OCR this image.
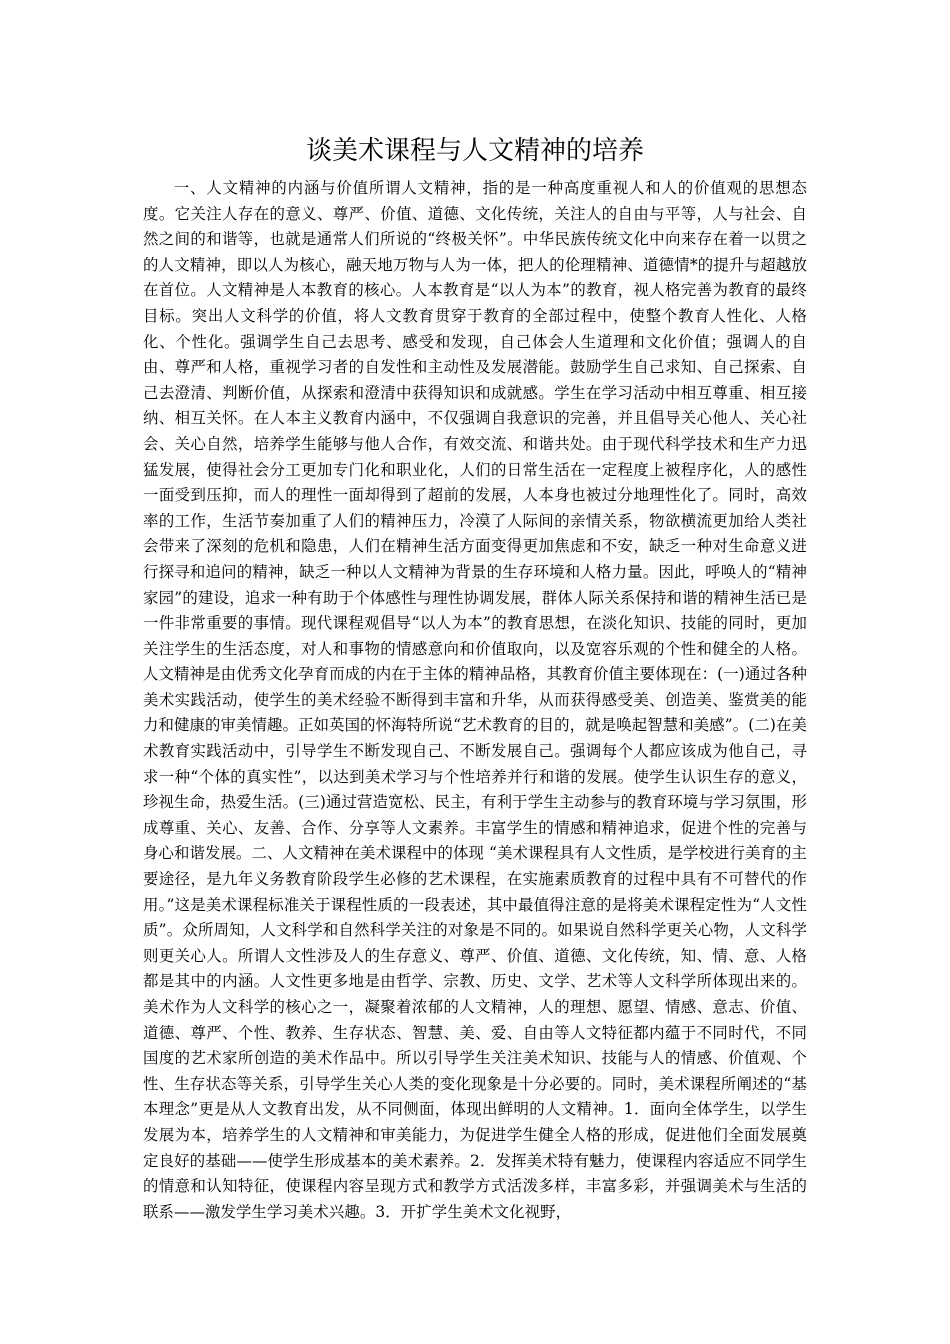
谈美术课程与人文精神的培养

一、人文精神的内涵与价值所谓人文精神，指的是一种高度重视人和人的价值观的思想态度。它关注人存在的意义、尊严、价值、道德、文化传统，关注人的自由与平等，人与社会、自然之间的和谐等，也就是通常人们所说的“终极关怀”。中华民族传统文化中向来存在着一以贯之的人文精神，即以人为核心，融天地万物与人为一体，把人的伦理精神、道德情*的提升与超越放在首位。人文精神是人本教育的核心。人本教育是“以人为本”的教育，视人格完善为教育的最终目标。突出人文科学的价值，将人文教育贯穿于教育的全部过程中，使整个教育人性化、人格化、个性化。强调学生自己去思考、感受和发现，自己体会人生道理和文化价值；强调人的自由、尊严和人格，重视学习者的自发性和主动性及发展潜能。鼓励学生自己求知、自己探索、自己去澄清、判断价值，从探索和澄清中获得知识和成就感。学生在学习活动中相互尊重、相互接纳、相互关怀。在人本主义教育内涵中，不仅强调自我意识的完善，并且倡导关心他人、关心社会、关心自然，培养学生能够与他人合作，有效交流、和谐共处。由于现代科学技术和生产力迅猛发展，使得社会分工更加专门化和职业化，人们的日常生活在一定程度上被程序化，人的感性一面受到压抑，而人的理性一面却得到了超前的发展，人本身也被过分地理性化了。同时，高效率的工作，生活节奏加重了人们的精神压力，冷漠了人际间的亲情关系，物欲横流更加给人类社会带来了深刻的危机和隐患，人们在精神生活方面变得更加焦虑和不安，缺乏一种对生命意义进行探寻和追问的精神，缺乏一种以人文精神为背景的生存环境和人格力量。因此，呼唤人的“精神家园”的建设，追求一种有助于个体感性与理性协调发展，群体人际关系保持和谐的精神生活已是一件非常重要的事情。现代课程观倡导“以人为本”的教育思想，在淡化知识、技能的同时，更加关注学生的生活态度，对人和事物的情感意向和价值取向，以及宽容乐观的个性和健全的人格。人文精神是由优秀文化孕育而成的内在于主体的精神品格，其教育价值主要体现在：(一)通过各种美术实践活动，使学生的美术经验不断得到丰富和升华，从而获得感受美、创造美、鉴赏美的能力和健康的审美情趣。正如英国的怀海特所说“艺术教育的目的，就是唤起智慧和美感”。(二)在美术教育实践活动中，引导学生不断发现自己、不断发展自己。强调每个人都应该成为他自己，寻求一种“个体的真实性”，以达到美术学习与个性培养并行和谐的发展。使学生认识生存的意义，珍视生命，热爱生活。(三)通过营造宽松、民主，有利于学生主动参与的教育环境与学习氛围，形成尊重、关心、友善、合作、分享等人文素养。丰富学生的情感和精神追求，促进个性的完善与身心和谐发展。二、人文精神在美术课程中的体现 “美术课程具有人文性质，是学校进行美育的主要途径，是九年义务教育阶段学生必修的艺术课程，在实施素质教育的过程中具有不可替代的作用。”这是美术课程标准关于课程性质的一段表述，其中最值得注意的是将美术课程定性为“人文性质”。众所周知，人文科学和自然科学关注的对象是不同的。如果说自然科学更关心物，人文科学则更关心人。所谓人文性涉及人的生存意义、尊严、价值、道德、文化传统，知、情、意、人格都是其中的内涵。人文性更多地是由哲学、宗教、历史、文学、艺术等人文科学所体现出来的。美术作为人文科学的核心之一，凝聚着浓郁的人文精神，人的理想、愿望、情感、意志、价值、道德、尊严、个性、教养、生存状态、智慧、美、爱、自由等人文特征都内蕴于不同时代，不同国度的艺术家所创造的美术作品中。所以引导学生关注美术知识、技能与人的情感、价值观、个性、生存状态等关系，引导学生关心人类的变化现象是十分必要的。同时，美术课程所阐述的“基本理念”更是从人文教育出发，从不同侧面，体现出鲜明的人文精神。1．面向全体学生，以学生发展为本，培养学生的人文精神和审美能力，为促进学生健全人格的形成，促进他们全面发展奠定良好的基础——使学生形成基本的美术素养。2．发挥美术特有魅力，使课程内容适应不同学生的情意和认知特征，使课程内容呈现方式和教学方式活泼多样，丰富多彩，并强调美术与生活的联系——激发学生学习美术兴趣。3．开扩学生美术文化视野，
